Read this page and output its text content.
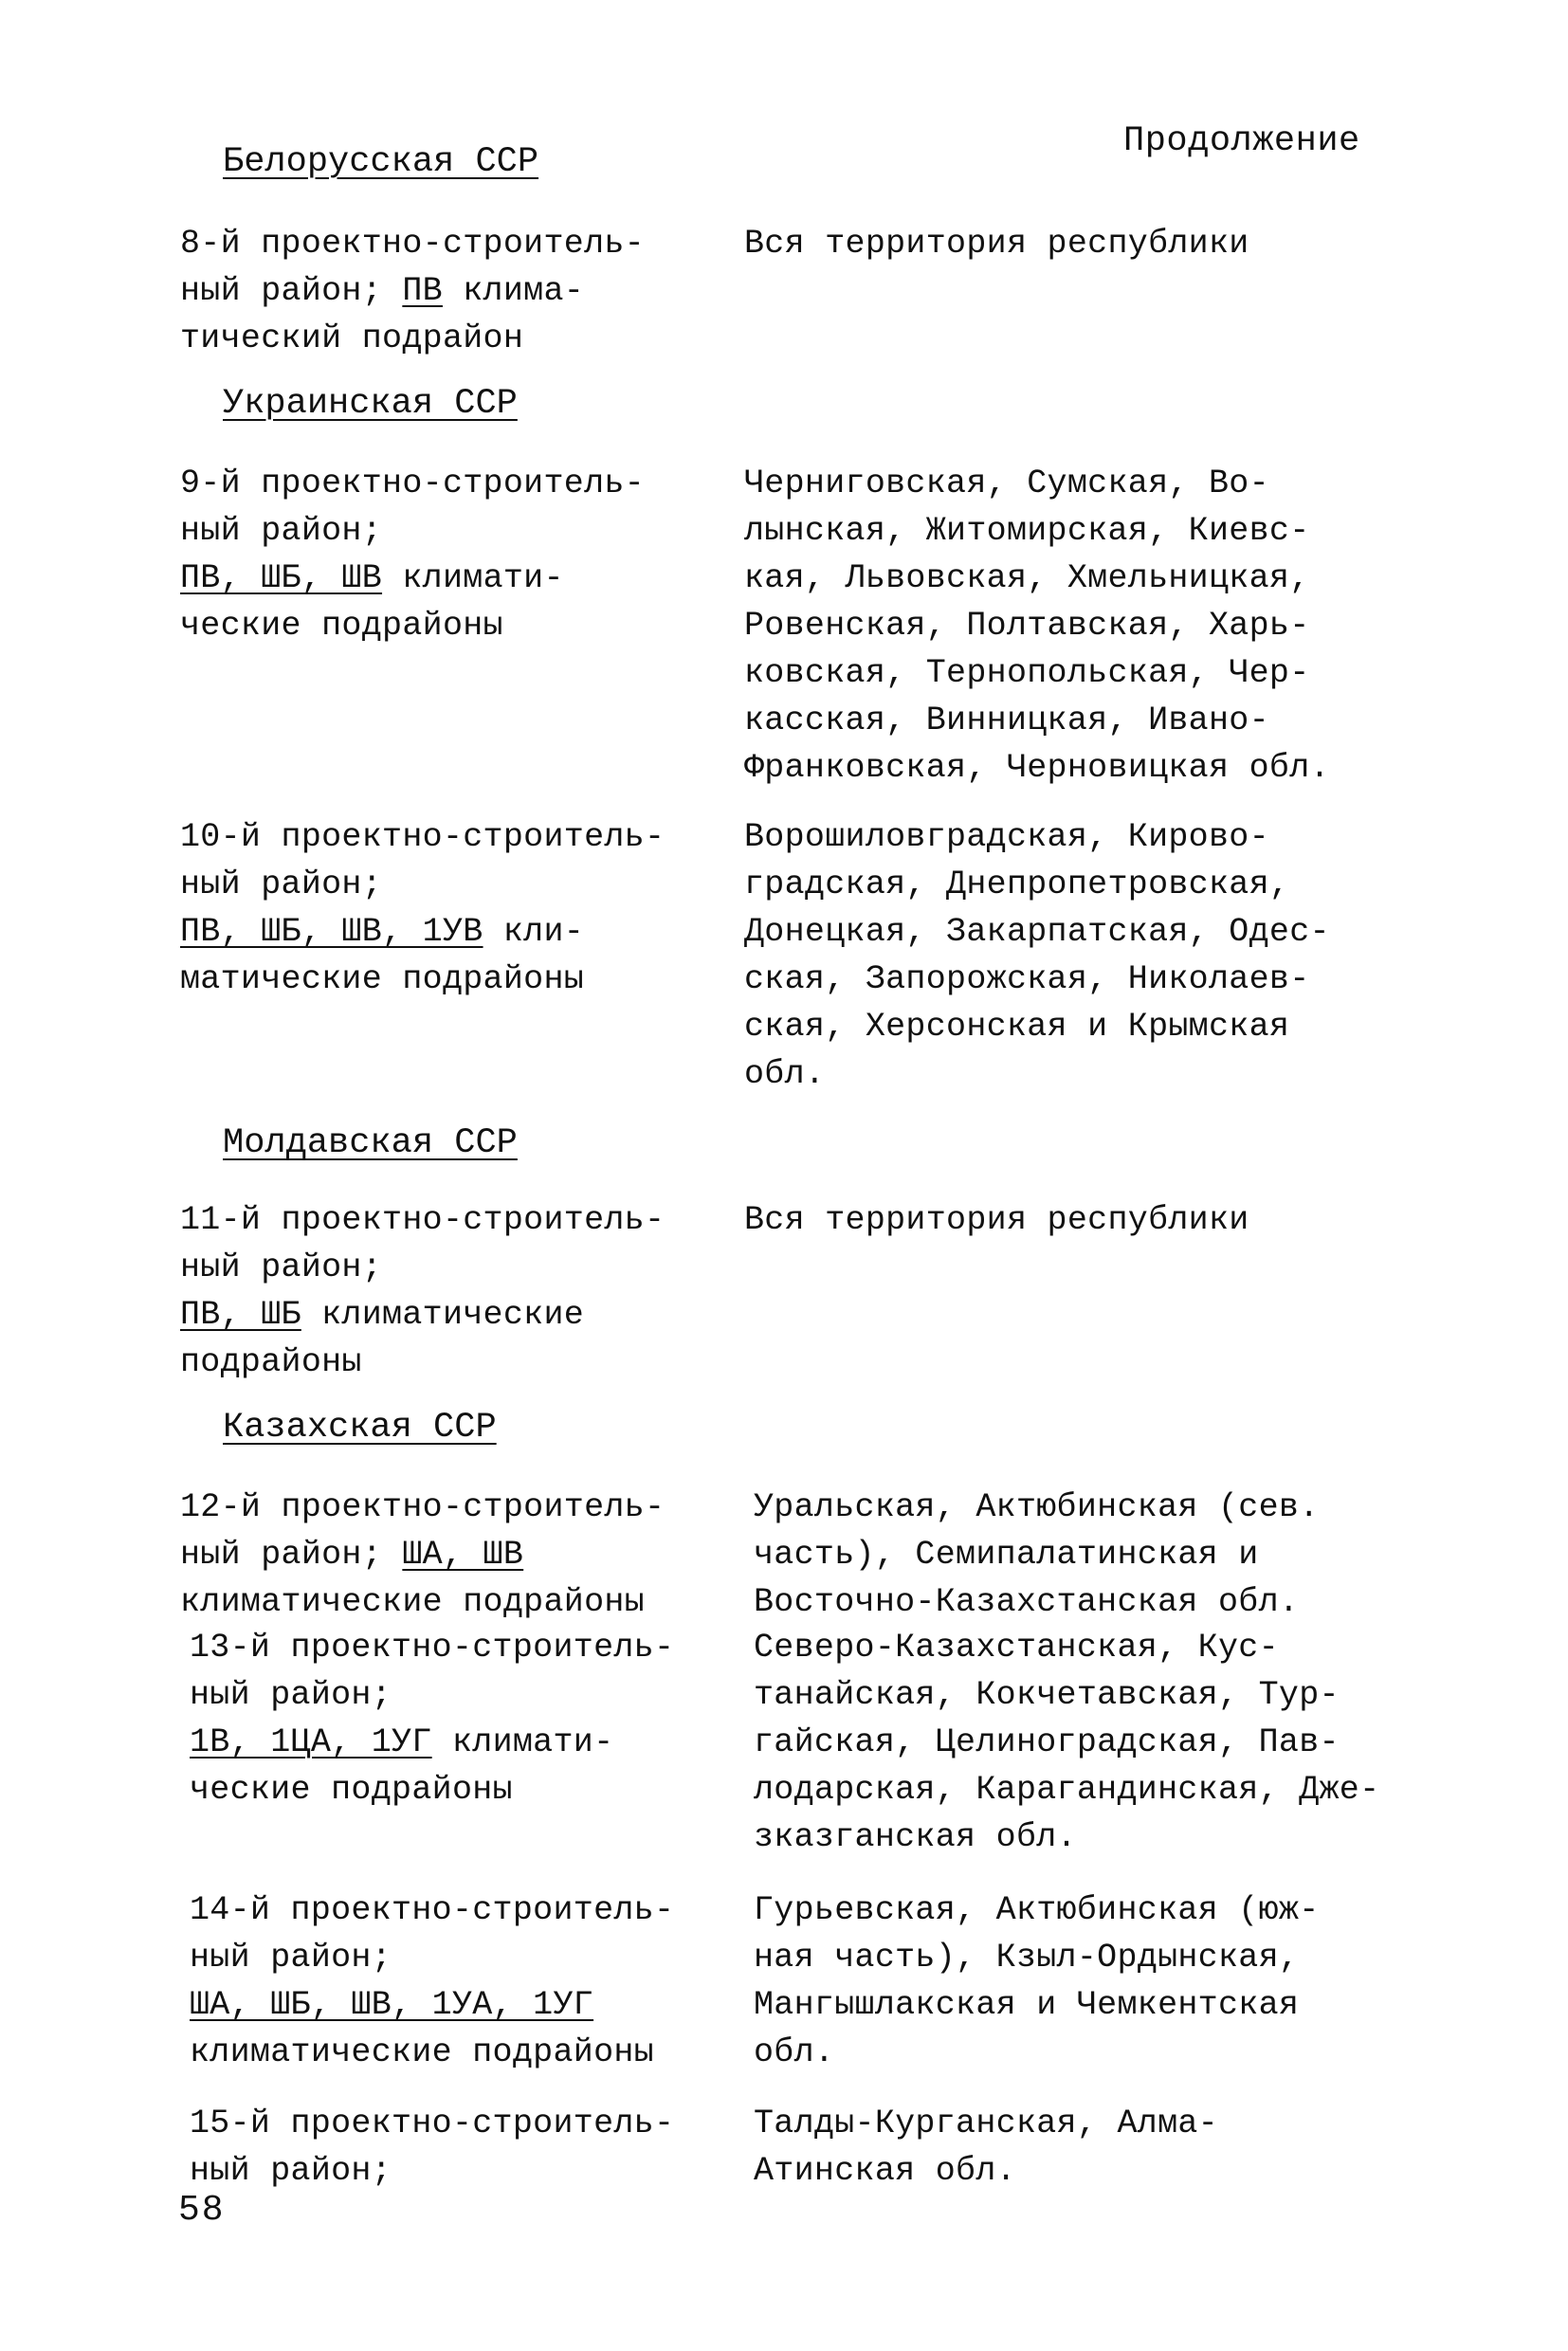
Продолжение
Белорусская ССР
8-й проектно-строитель-
ный район; ПВ клима-
тический подрайон
Вся территория республики
Украинская ССР
9-й проектно-строитель-
ный район;
ПВ, ШБ, ШВ климати-
ческие подрайоны
Черниговская, Сумская, Во-
лынская, Житомирская, Киевс-
кая, Львовская, Хмельницкая,
Ровенская, Полтавская, Харь-
ковская, Тернопольская, Чер-
касская, Винницкая, Ивано-
Франковская, Черновицкая обл.
10-й проектно-строитель-
ный район;
ПВ, ШБ, ШВ, 1УВ кли-
матические подрайоны
Ворошиловградская, Кирово-
градская, Днепропетровская,
Донецкая, Закарпатская, Одес-
ская, Запорожская, Николаев-
ская, Херсонская и Крымская
обл.
Молдавская ССР
11-й проектно-строитель-
ный район;
ПВ, ШБ климатические
подрайоны
Вся территория республики
Казахская ССР
12-й проектно-строитель-
ный район; ША, ШВ
климатические подрайоны
Уральская, Актюбинская (сев.
часть), Семипалатинская и
Восточно-Казахстанская обл.
13-й проектно-строитель-
ный район;
1В, 1ЦА, 1УГ климати-
ческие подрайоны
Северо-Казахстанская, Кус-
танайская, Кокчетавская, Тур-
гайская, Целиноградская, Пав-
лодарская, Карагандинская, Дже-
зказганская обл.
14-й проектно-строитель-
ный район;
ША, ШБ, ШВ, 1УА, 1УГ
климатические подрайоны
Гурьевская, Актюбинская (юж-
ная часть), Кзыл-Ордынская,
Мангышлакская и Чемкентская
обл.
15-й проектно-строитель-
ный район;
Талды-Курганская, Алма-
Атинская обл.
58
